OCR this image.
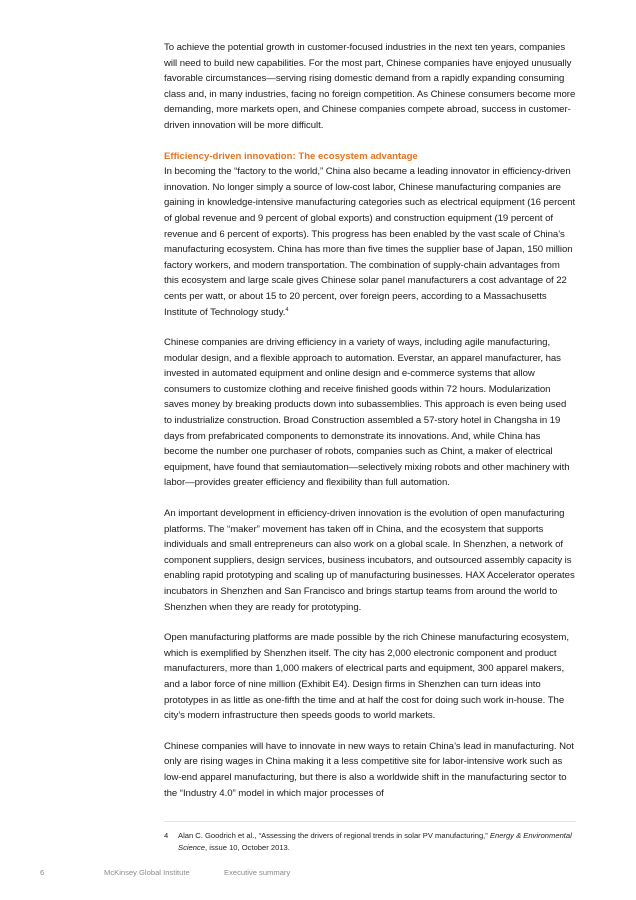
To achieve the potential growth in customer-focused industries in the next ten years, companies will need to build new capabilities. For the most part, Chinese companies have enjoyed unusually favorable circumstances—serving rising domestic demand from a rapidly expanding consuming class and, in many industries, facing no foreign competition. As Chinese consumers become more demanding, more markets open, and Chinese companies compete abroad, success in customer-driven innovation will be more difficult.

Efficiency-driven innovation: The ecosystem advantage

In becoming the “factory to the world,” China also became a leading innovator in efficiency-driven innovation. No longer simply a source of low-cost labor, Chinese manufacturing companies are gaining in knowledge-intensive manufacturing categories such as electrical equipment (16 percent of global revenue and 9 percent of global exports) and construction equipment (19 percent of revenue and 6 percent of exports). This progress has been enabled by the vast scale of China’s manufacturing ecosystem. China has more than five times the supplier base of Japan, 150 million factory workers, and modern transportation. The combination of supply-chain advantages from this ecosystem and large scale gives Chinese solar panel manufacturers a cost advantage of 22 cents per watt, or about 15 to 20 percent, over foreign peers, according to a Massachusetts Institute of Technology study.$^4$

Chinese companies are driving efficiency in a variety of ways, including agile manufacturing, modular design, and a flexible approach to automation. Everstar, an apparel manufacturer, has invested in automated equipment and online design and e-commerce systems that allow consumers to customize clothing and receive finished goods within 72 hours. Modularization saves money by breaking products down into subassemblies. This approach is even being used to industrialize construction. Broad Construction assembled a 57-story hotel in Changsha in 19 days from prefabricated components to demonstrate its innovations. And, while China has become the number one purchaser of robots, companies such as Chint, a maker of electrical equipment, have found that semiautomation—selectively mixing robots and other machinery with labor—provides greater efficiency and flexibility than full automation.

An important development in efficiency-driven innovation is the evolution of open manufacturing platforms. The “maker” movement has taken off in China, and the ecosystem that supports individuals and small entrepreneurs can also work on a global scale. In Shenzhen, a network of component suppliers, design services, business incubators, and outsourced assembly capacity is enabling rapid prototyping and scaling up of manufacturing businesses. HAX Accelerator operates incubators in Shenzhen and San Francisco and brings startup teams from around the world to Shenzhen when they are ready for prototyping.

Open manufacturing platforms are made possible by the rich Chinese manufacturing ecosystem, which is exemplified by Shenzhen itself. The city has 2,000 electronic component and product manufacturers, more than 1,000 makers of electrical parts and equipment, 300 apparel makers, and a labor force of nine million (Exhibit E4). Design firms in Shenzhen can turn ideas into prototypes in as little as one-fifth the time and at half the cost for doing such work in-house. The city’s modern infrastructure then speeds goods to world markets.

Chinese companies will have to innovate in new ways to retain China’s lead in manufacturing. Not only are rising wages in China making it a less competitive site for labor-intensive work such as low-end apparel manufacturing, but there is also a worldwide shift in the manufacturing sector to the “Industry 4.0” model in which major processes of

4	Alan C. Goodrich et al., “Assessing the drivers of regional trends in solar PV manufacturing,” Energy & Environmental Science, issue 10, October 2013.
6	McKinsey Global Institute	Executive summary
